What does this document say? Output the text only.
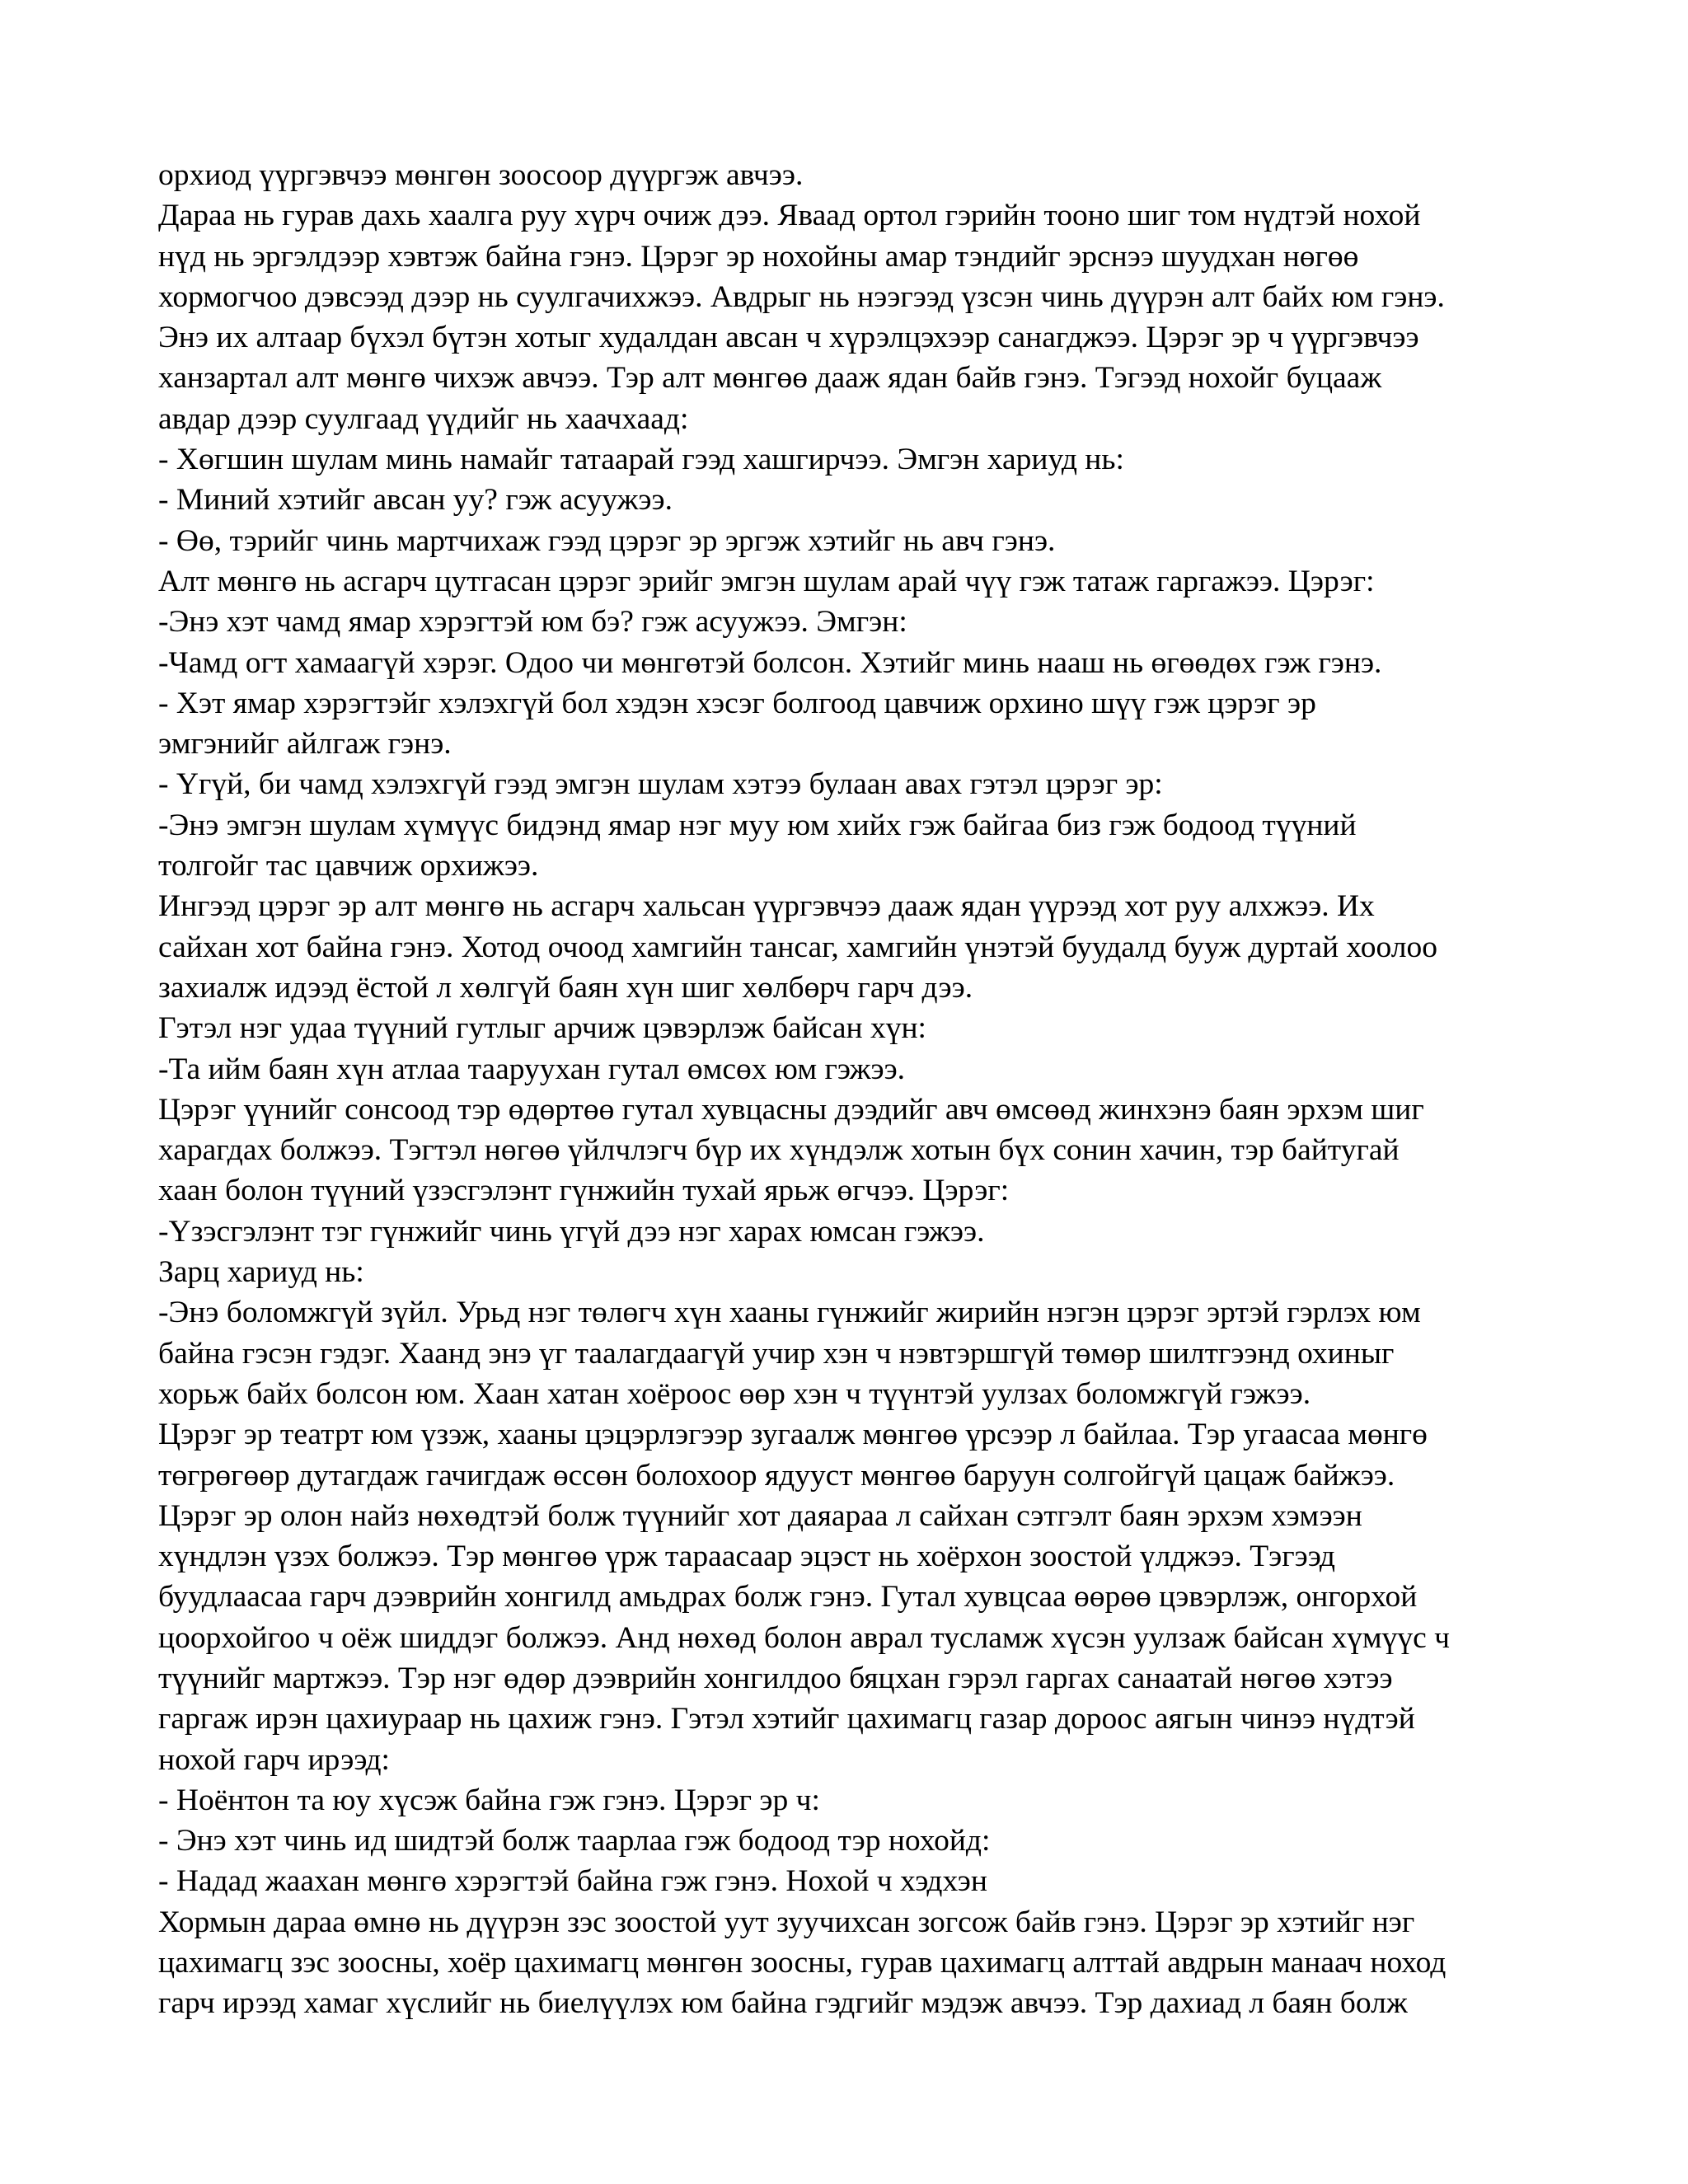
орхиод үүргэвчээ мөнгөн зоосоор дүүргэж авчээ.
Дараа нь гурав дахь хаалга руу хүрч очиж дээ. Яваад ортол гэрийн тооно шиг том нүдтэй нохой
нүд нь эргэлдээр хэвтэж байна гэнэ. Цэрэг эр нохойны амар тэндийг эрснээ шуудхан нөгөө
хормогчоо дэвсээд дээр нь суулгачихжээ. Авдрыг нь нээгээд үзсэн чинь дүүрэн алт байх юм гэнэ.
Энэ их алтаар бүхэл бүтэн хотыг худалдан авсан ч хүрэлцэхээр санагджээ. Цэрэг эр ч үүргэвчээ
ханзартал алт мөнгө чихэж авчээ. Тэр алт мөнгөө дааж ядан байв гэнэ. Тэгээд нохойг буцааж
авдар дээр суулгаад үүдийг нь хаачхаад:
- Хөгшин шулам минь намайг татаарай гээд хашгирчээ. Эмгэн хариуд нь:
- Миний хэтийг авсан уу? гэж асуужээ.
- Өө, тэрийг чинь мартчихаж гээд цэрэг эр эргэж хэтийг нь авч гэнэ.
Алт мөнгө нь асгарч цутгасан цэрэг эрийг эмгэн шулам арай чүү гэж татаж гаргажээ. Цэрэг:
-Энэ хэт чамд ямар хэрэгтэй юм бэ? гэж асуужээ. Эмгэн:
-Чамд огт хамаагүй хэрэг. Одоо чи мөнгөтэй болсон. Хэтийг минь нааш нь өгөөдөх гэж гэнэ.
- Хэт ямар хэрэгтэйг хэлэхгүй бол хэдэн хэсэг болгоод цавчиж орхино шүү гэж цэрэг эр
эмгэнийг айлгаж гэнэ.
- Үгүй, би чамд хэлэхгүй гээд эмгэн шулам хэтээ булаан авах гэтэл цэрэг эр:
-Энэ эмгэн шулам хүмүүс бидэнд ямар нэг муу юм хийх гэж байгаа биз гэж бодоод түүний
толгойг тас цавчиж орхижээ.
Ингээд цэрэг эр алт мөнгө нь асгарч хальсан үүргэвчээ дааж ядан үүрээд хот руу алхжээ. Их
сайхан хот байна гэнэ. Хотод очоод хамгийн тансаг, хамгийн үнэтэй буудалд бууж дуртай хоолоо
захиалж идээд ёстой л хөлгүй баян хүн шиг хөлбөрч гарч дээ.
Гэтэл нэг удаа түүний гутлыг арчиж цэвэрлэж байсан хүн:
-Та ийм баян хүн атлаа тааруухан гутал өмсөх юм гэжээ.
Цэрэг үүнийг сонсоод тэр өдөртөө гутал хувцасны дээдийг авч өмсөөд жинхэнэ баян эрхэм шиг
харагдах болжээ. Тэгтэл нөгөө үйлчлэгч бүр их хүндэлж хотын бүх сонин хачин, тэр байтугай
хаан болон түүний үзэсгэлэнт гүнжийн тухай ярьж өгчээ. Цэрэг:
-Үзэсгэлэнт тэг гүнжийг чинь үгүй дээ нэг харах юмсан гэжээ.
Зарц хариуд нь:
-Энэ боломжгүй зүйл. Урьд нэг төлөгч хүн хааны гүнжийг жирийн нэгэн цэрэг эртэй гэрлэх юм
байна гэсэн гэдэг. Хаанд энэ үг таалагдаагүй учир хэн ч нэвтэршгүй төмөр шилтгээнд охиныг
хорьж байх болсон юм. Хаан хатан хоёроос өөр хэн ч түүнтэй уулзах боломжгүй гэжээ.
Цэрэг эр театрт юм үзэж, хааны цэцэрлэгээр зугаалж мөнгөө үрсээр л байлаа. Тэр угаасаа мөнгө
төгрөгөөр дутагдаж гачигдаж өссөн болохоор ядууст мөнгөө баруун солгойгүй цацаж байжээ.
Цэрэг эр олон найз нөхөдтэй болж түүнийг хот даяараа л сайхан сэтгэлт баян эрхэм хэмээн
хүндлэн үзэх болжээ. Тэр мөнгөө үрж тараасаар эцэст нь хоёрхон зоостой үлджээ. Тэгээд
буудлаасаа гарч дээврийн хонгилд амьдрах болж гэнэ. Гутал хувцсаа өөрөө цэвэрлэж, онгорхой
цоорхойгоо ч оёж шиддэг болжээ. Анд нөхөд болон аврал тусламж хүсэн уулзаж байсан хүмүүс ч
түүнийг мартжээ. Тэр нэг өдөр дээврийн хонгилдоо бяцхан гэрэл гаргах санаатай нөгөө хэтээ
гаргаж ирэн цахиураар нь цахиж гэнэ. Гэтэл хэтийг цахимагц газар дороос аягын чинээ нүдтэй
нохой гарч ирээд:
- Ноёнтон та юу хүсэж байна гэж гэнэ. Цэрэг эр ч:
- Энэ хэт чинь ид шидтэй болж таарлаа гэж бодоод тэр нохойд:
- Надад жаахан мөнгө хэрэгтэй байна гэж гэнэ. Нохой ч хэдхэн
Хормын дараа өмнө нь дүүрэн зэс зоостой уут зуучихсан зогсож байв гэнэ. Цэрэг эр хэтийг нэг
цахимагц зэс зоосны, хоёр цахимагц мөнгөн зоосны, гурав цахимагц алттай авдрын манаач ноход
гарч ирээд хамаг хүслийг нь биелүүлэх юм байна гэдгийг мэдэж авчээ. Тэр дахиад л баян болж
